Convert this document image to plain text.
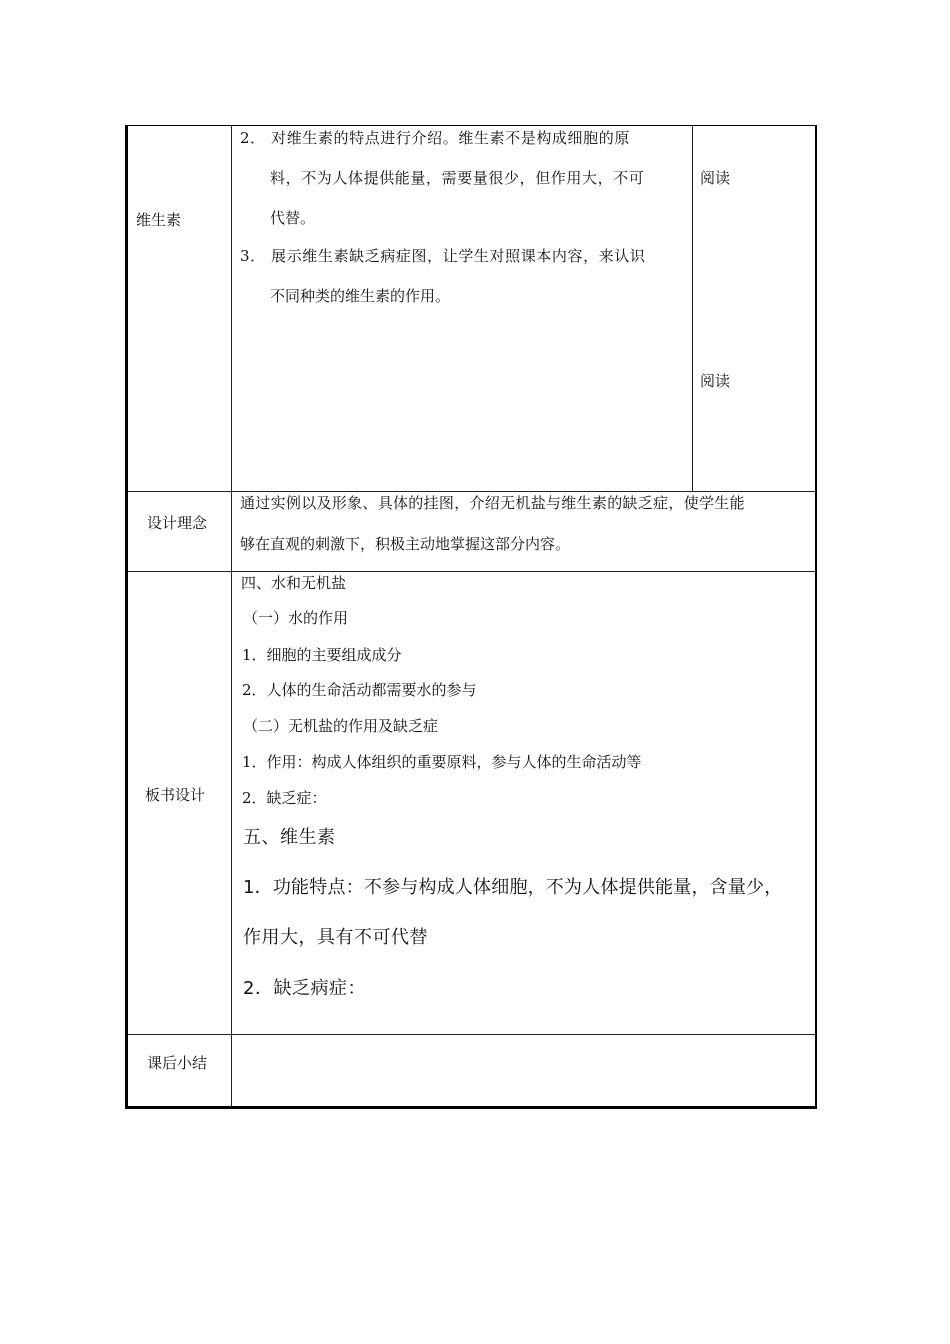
维生素
2． 对维生素的特点进行介绍。维生素不是构成细胞的原
料，不为人体提供能量，需要量很少，但作用大，不可
代替。
3． 展示维生素缺乏病症图，让学生对照课本内容，来认识
不同种类的维生素的作用。
阅读
阅读
设计理念
通过实例以及形象、具体的挂图，介绍无机盐与维生素的缺乏症，使学生能
够在直观的刺激下，积极主动地掌握这部分内容。
板书设计
四、水和无机盐
（一）水的作用
1．细胞的主要组成成分
2．人体的生命活动都需要水的参与
（二）无机盐的作用及缺乏症
1．作用：构成人体组织的重要原料，参与人体的生命活动等
2．缺乏症：
五、维生素
1．功能特点：不参与构成人体细胞，不为人体提供能量，含量少，
作用大，具有不可代替
2．缺乏病症：
课后小结
